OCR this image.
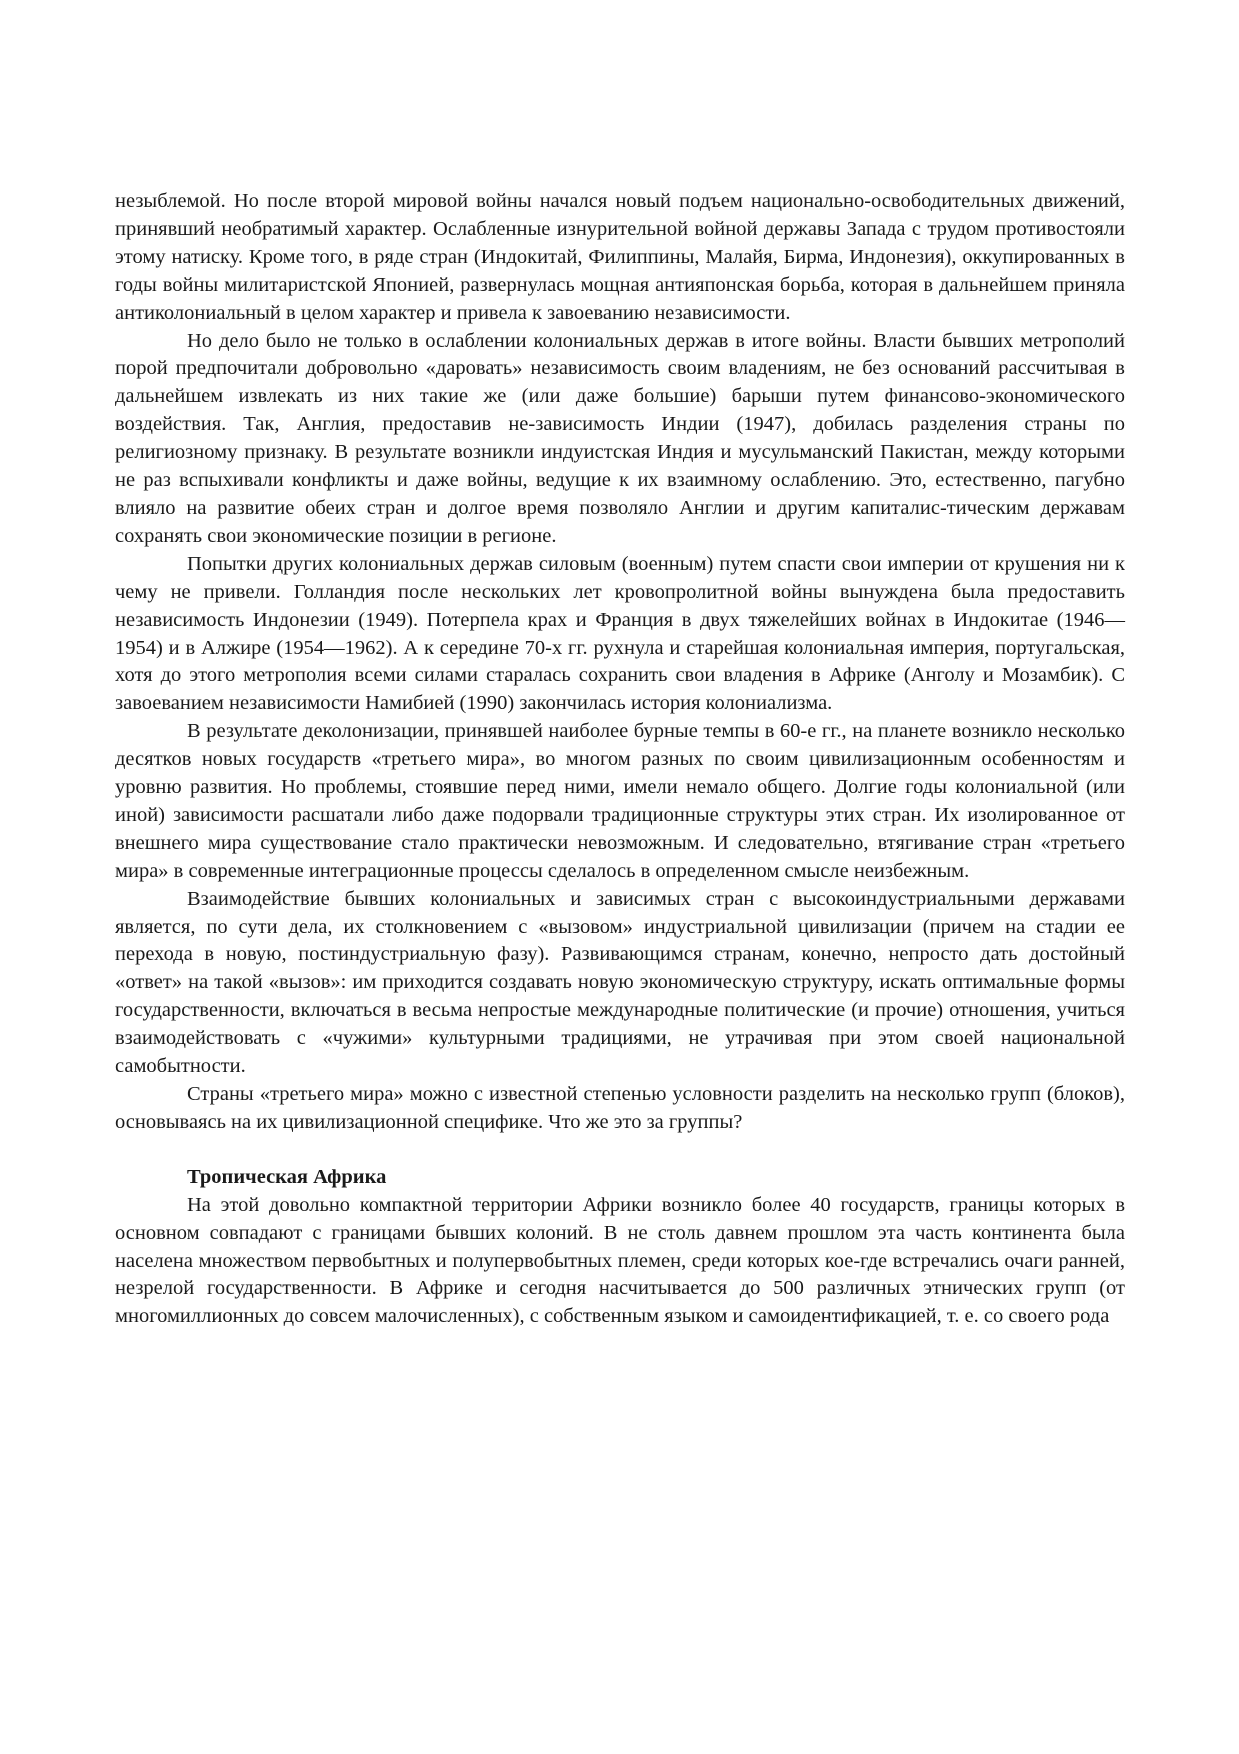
незыблемой. Но после второй мировой войны начался новый подъем национально-освободительных движений, принявший необратимый характер. Ослабленные изнурительной войной державы Запада с трудом противостояли этому натиску. Кроме того, в ряде стран (Индокитай, Филиппины, Малайя, Бирма, Индонезия), оккупированных в годы войны милитаристской Японией, развернулась мощная антияпонская борьба, которая в дальнейшем приняла антиколониальный в целом характер и привела к завоеванию независимости.

Но дело было не только в ослаблении колониальных держав в итоге войны. Власти бывших метрополий порой предпочитали добровольно «даровать» независимость своим владениям, не без оснований рассчитывая в дальнейшем извлекать из них такие же (или даже большие) барыши путем финансово-экономического воздействия. Так, Англия, предоставив не-зависимость Индии (1947), добилась разделения страны по религиозному признаку. В результате возникли индуистская Индия и мусульманский Пакистан, между которыми не раз вспыхивали конфликты и даже войны, ведущие к их взаимному ослаблению. Это, естественно, пагубно влияло на развитие обеих стран и долгое время позволяло Англии и другим капиталис-тическим державам сохранять свои экономические позиции в регионе.

Попытки других колониальных держав силовым (военным) путем спасти свои империи от крушения ни к чему не привели. Голландия после нескольких лет кровопролитной войны вынуждена была предоставить независимость Индонезии (1949). Потерпела крах и Франция в двух тяжелейших войнах в Индокитае (1946—1954) и в Алжире (1954—1962). А к середине 70-х гг. рухнула и старейшая колониальная империя, португальская, хотя до этого метрополия всеми силами старалась сохранить свои владения в Африке (Анголу и Мозамбик). С завоеванием независимости Намибией (1990) закончилась история колониализма.

В результате деколонизации, принявшей наиболее бурные темпы в 60-е гг., на планете возникло несколько десятков новых государств «третьего мира», во многом разных по своим цивилизационным особенностям и уровню развития. Но проблемы, стоявшие перед ними, имели немало общего. Долгие годы колониальной (или иной) зависимости расшатали либо даже подорвали традиционные структуры этих стран. Их изолированное от внешнего мира существование стало практически невозможным. И следовательно, втягивание стран «третьего мира» в современные интеграционные процессы сделалось в определенном смысле неизбежным.

Взаимодействие бывших колониальных и зависимых стран с высокоиндустриальными державами является, по сути дела, их столкновением с «вызовом» индустриальной цивилизации (причем на стадии ее перехода в новую, постиндустриальную фазу). Развивающимся странам, конечно, непросто дать достойный «ответ» на такой «вызов»: им приходится создавать новую экономическую структуру, искать оптимальные формы государственности, включаться в весьма непростые международные политические (и прочие) отношения, учиться взаимодействовать с «чужими» культурными традициями, не утрачивая при этом своей национальной самобытности.

Страны «третьего мира» можно с известной степенью условности разделить на несколько групп (блоков), основываясь на их цивилизационной специфике. Что же это за группы?

Тропическая Африка

На этой довольно компактной территории Африки возникло более 40 государств, границы которых в основном совпадают с границами бывших колоний. В не столь давнем прошлом эта часть континента была населена множеством первобытных и полупервобытных племен, среди которых кое-где встречались очаги ранней, незрелой государственности. В Африке и сегодня насчитывается до 500 различных этнических групп (от многомиллионных до совсем малочисленных), с собственным языком и самоидентификацией, т. е. со своего рода
